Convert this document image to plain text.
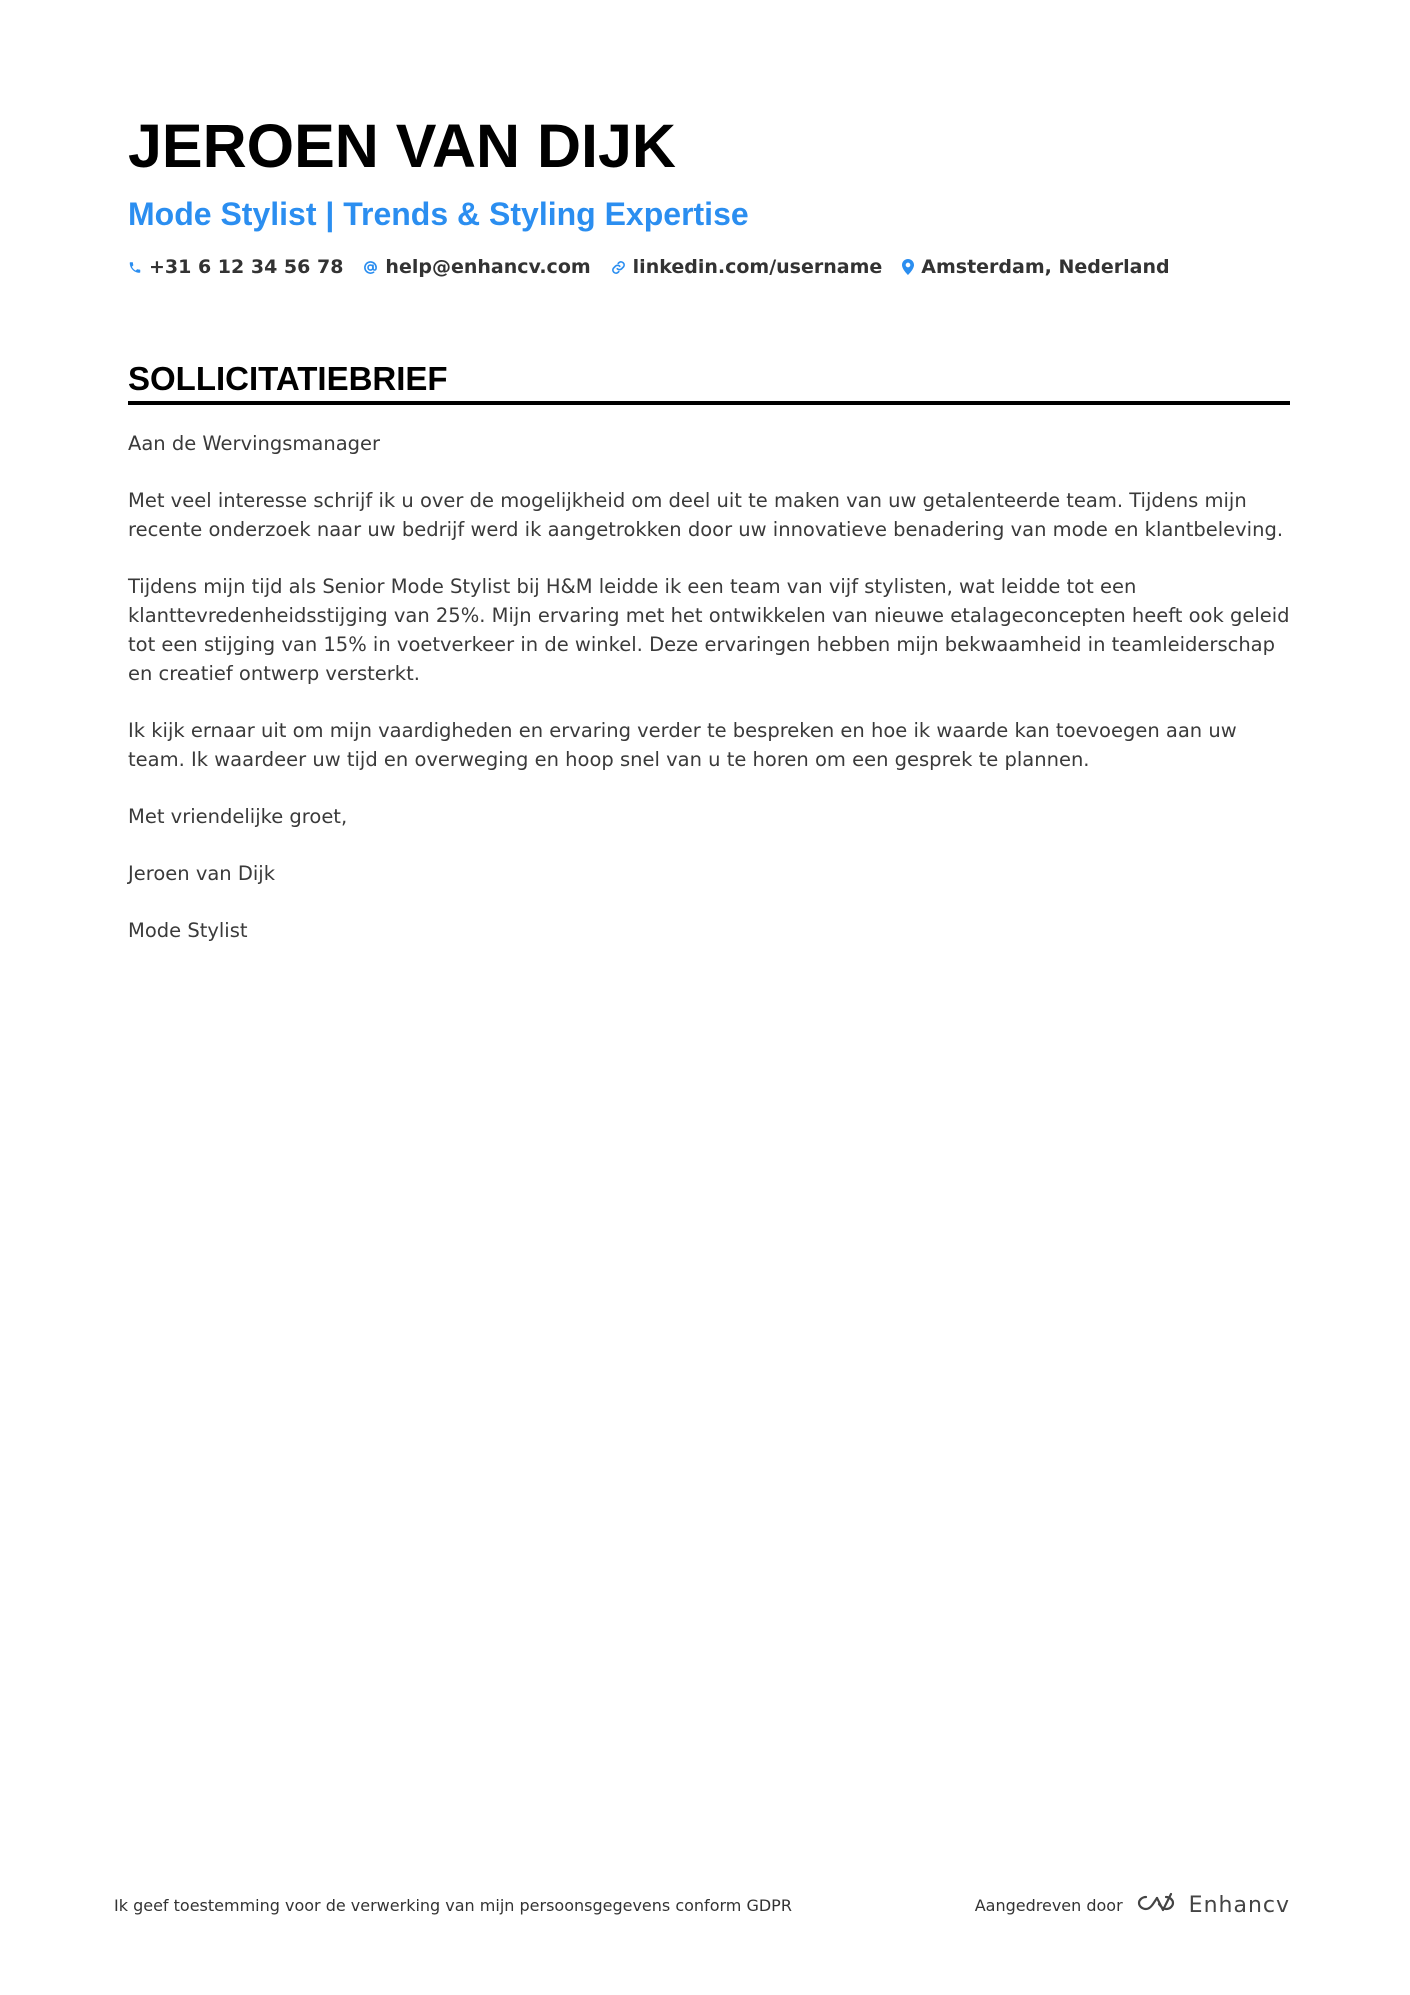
JEROEN VAN DIJK
Mode Stylist | Trends & Styling Expertise
+31 6 12 34 56 78 help@enhancv.com linkedin.com/username Amsterdam, Nederland
SOLLICITATIEBRIEF

Aan de Wervingsmanager

Met veel interesse schrijf ik u over de mogelijkheid om deel uit te maken van uw getalenteerde team. Tijdens mijn recente onderzoek naar uw bedrijf werd ik aangetrokken door uw innovatieve benadering van mode en klantbeleving.

Tijdens mijn tijd als Senior Mode Stylist bij H&M leidde ik een team van vijf stylisten, wat leidde tot een klanttevredenheidsstijging van 25%. Mijn ervaring met het ontwikkelen van nieuwe etalageconcepten heeft ook geleid tot een stijging van 15% in voetverkeer in de winkel. Deze ervaringen hebben mijn bekwaamheid in teamleiderschap en creatief ontwerp versterkt.

Ik kijk ernaar uit om mijn vaardigheden en ervaring verder te bespreken en hoe ik waarde kan toevoegen aan uw team. Ik waardeer uw tijd en overweging en hoop snel van u te horen om een gesprek te plannen.

Met vriendelijke groet,

Jeroen van Dijk

Mode Stylist

Ik geef toestemming voor de verwerking van mijn persoonsgegevens conform GDPR	Aangedreven door	Enhancv
